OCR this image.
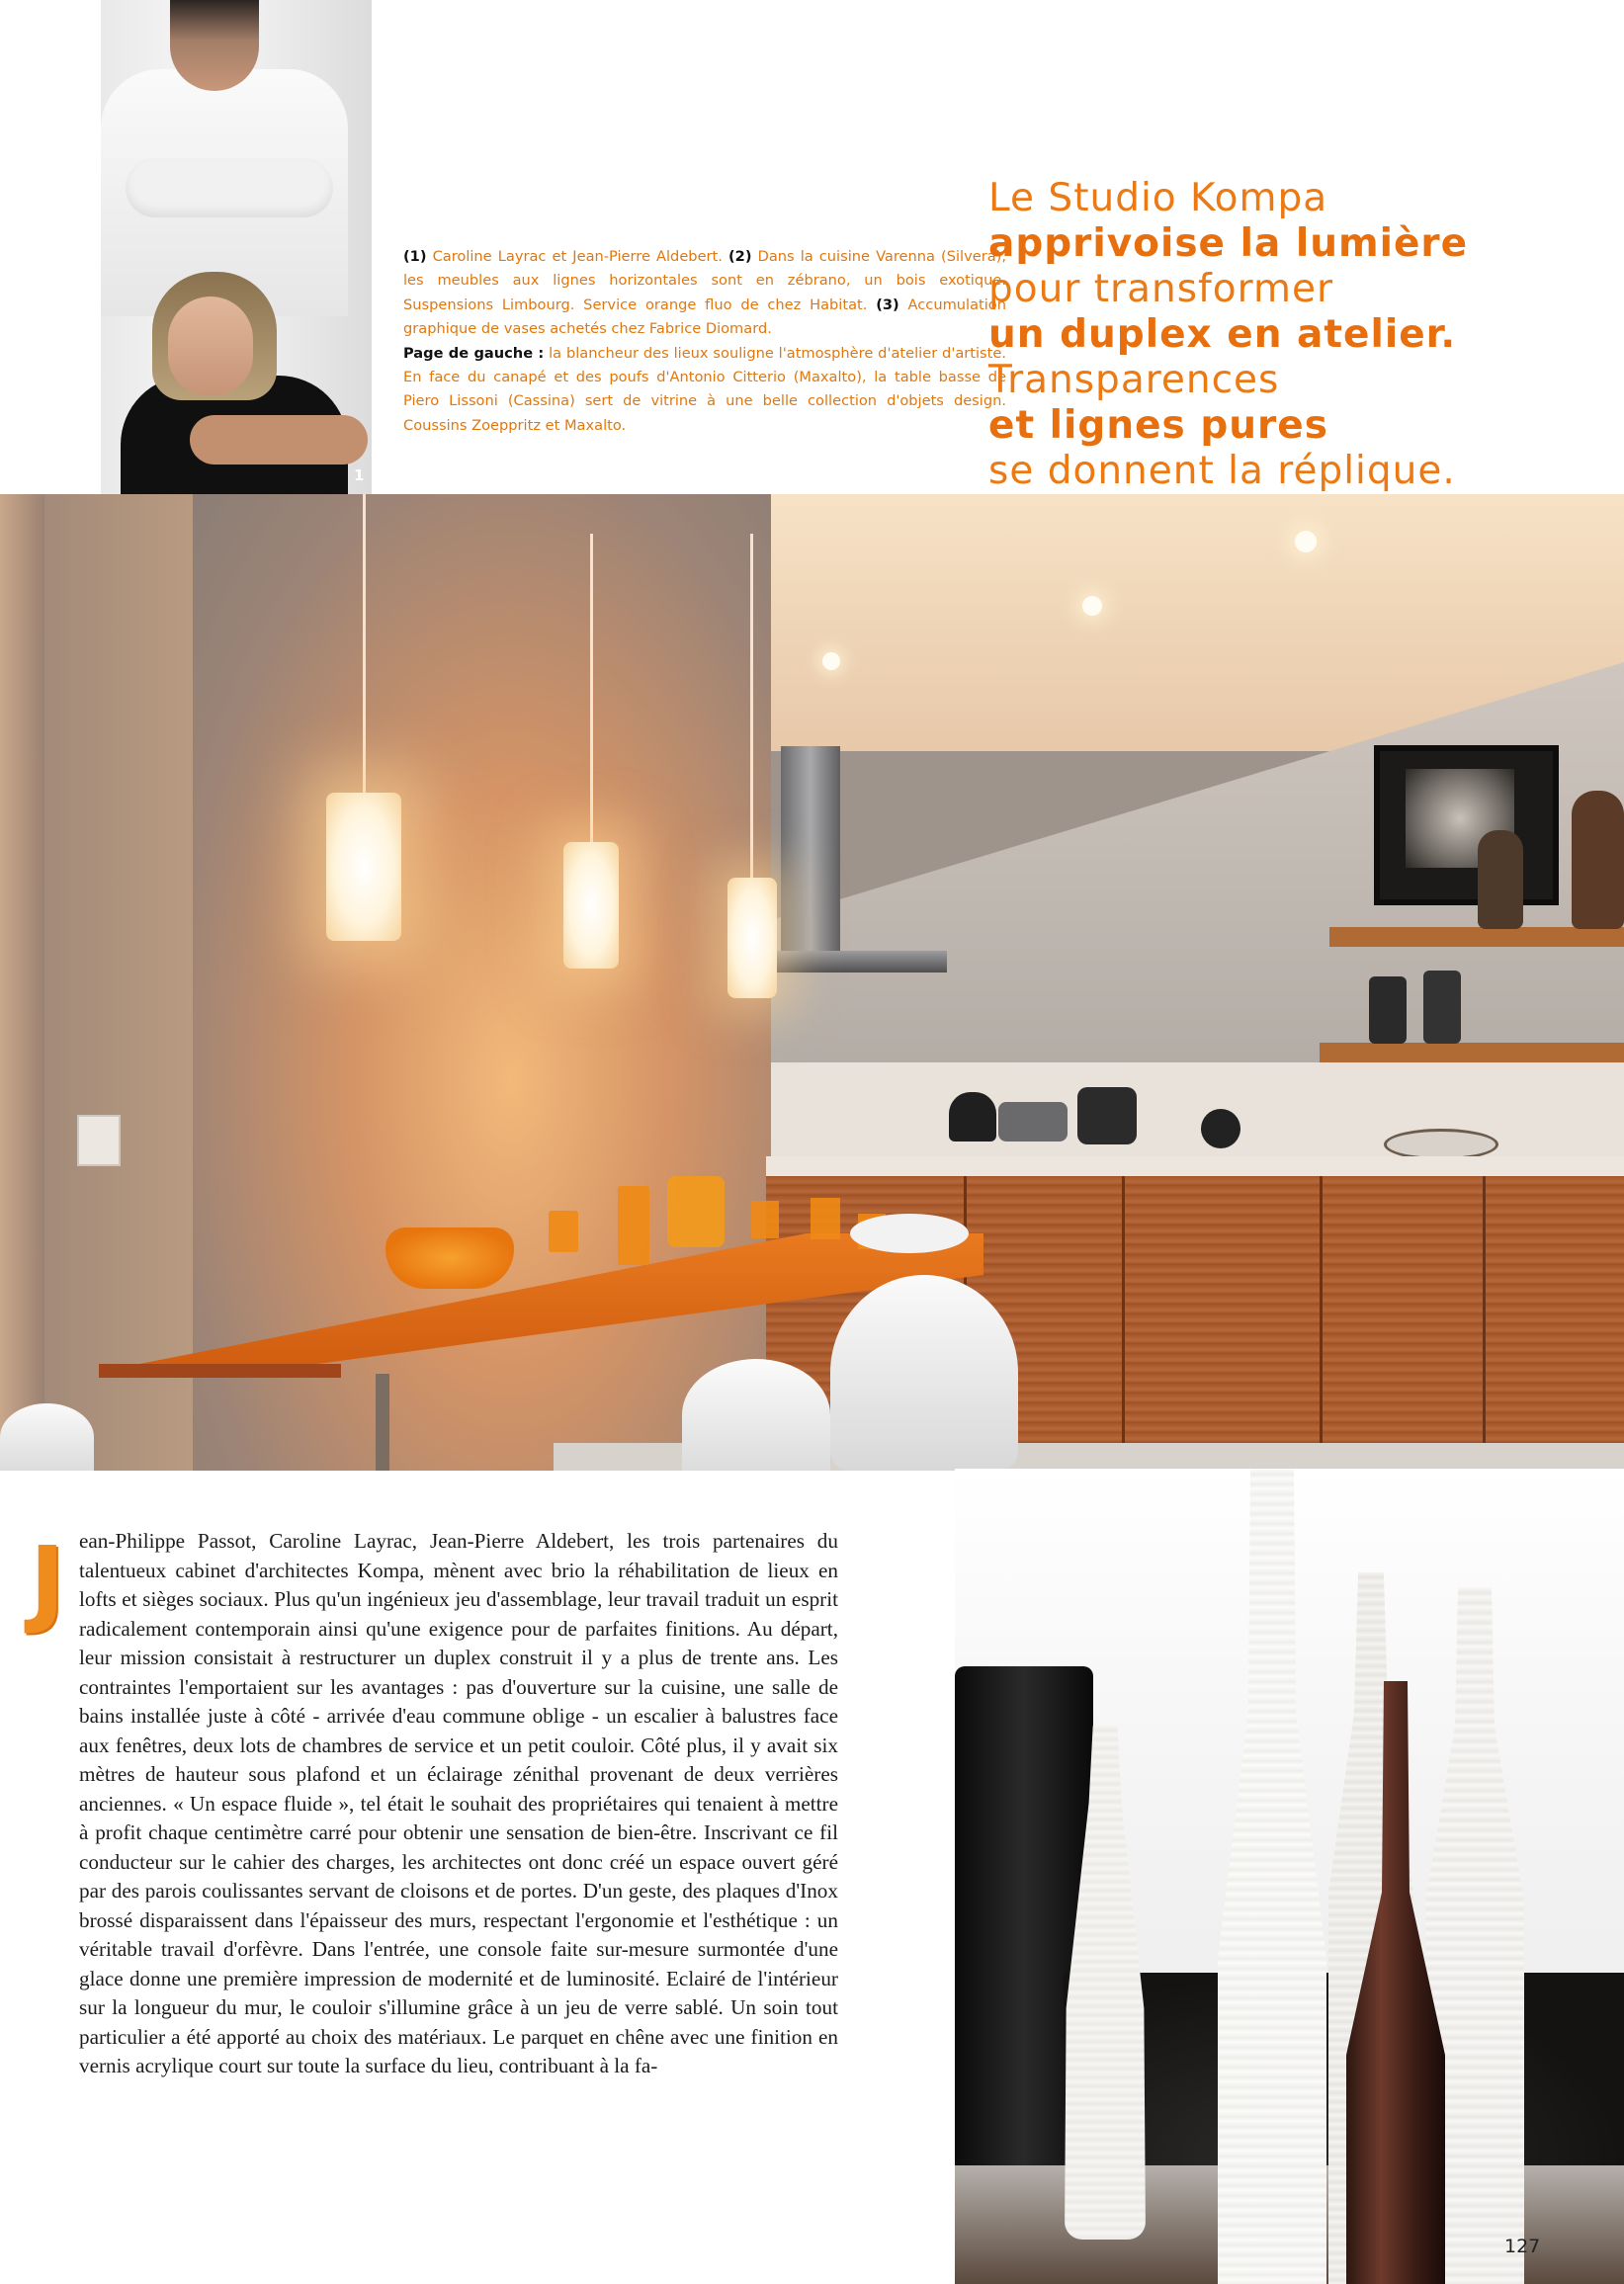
1
(1) Caroline Layrac et Jean-Pierre Aldebert. (2) Dans la cuisine Varenna (Silvera), les meubles aux lignes horizontales sont en zébrano, un bois exotique. Suspensions Limbourg. Service orange fluo de chez Habitat. (3) Accumulation graphique de vases achetés chez Fabrice Diomard.
Page de gauche : la blancheur des lieux souligne l'atmosphère d'atelier d'artiste. En face du canapé et des poufs d'Antonio Citterio (Maxalto), la table basse de Piero Lissoni (Cassina) sert de vitrine à une belle collection d'objets design. Coussins Zoeppritz et Maxalto.
Le Studio Kompa
apprivoise la lumière
pour transformer
un duplex en atelier.
Transparences
et lignes pures
se donnent la réplique.
J ean-Philippe Passot, Caroline Layrac, Jean-Pierre Aldebert, les trois partenaires du talentueux cabinet d'architectes Kompa, mènent avec brio la réhabilitation de lieux en lofts et sièges sociaux. Plus qu'un ingénieux jeu d'assemblage, leur travail traduit un esprit radicalement contemporain ainsi qu'une exigence pour de parfaites finitions. Au départ, leur mission consistait à restructurer un duplex construit il y a plus de trente ans. Les contraintes l'emportaient sur les avantages : pas d'ouverture sur la cuisine, une salle de bains installée juste à côté - arrivée d'eau commune oblige - un escalier à balustres face aux fenêtres, deux lots de chambres de service et un petit couloir. Côté plus, il y avait six mètres de hauteur sous plafond et un éclairage zénithal provenant de deux verrières anciennes. « Un espace fluide », tel était le souhait des propriétaires qui tenaient à mettre à profit chaque centimètre carré pour obtenir une sensation de bien-être. Inscrivant ce fil conducteur sur le cahier des charges, les architectes ont donc créé un espace ouvert géré par des parois coulissantes servant de cloisons et de portes. D'un geste, des plaques d'Inox brossé disparaissent dans l'épaisseur des murs, respectant l'ergonomie et l'esthétique : un véritable travail d'orfèvre. Dans l'entrée, une console faite sur-mesure surmontée d'une glace donne une première impression de modernité et de luminosité. Eclairé de l'intérieur sur la longueur du mur, le couloir s'illumine grâce à un jeu de verre sablé. Un soin tout particulier a été apporté au choix des matériaux. Le parquet en chêne avec une finition en vernis acrylique court sur toute la surface du lieu, contribuant à la fa-

127
